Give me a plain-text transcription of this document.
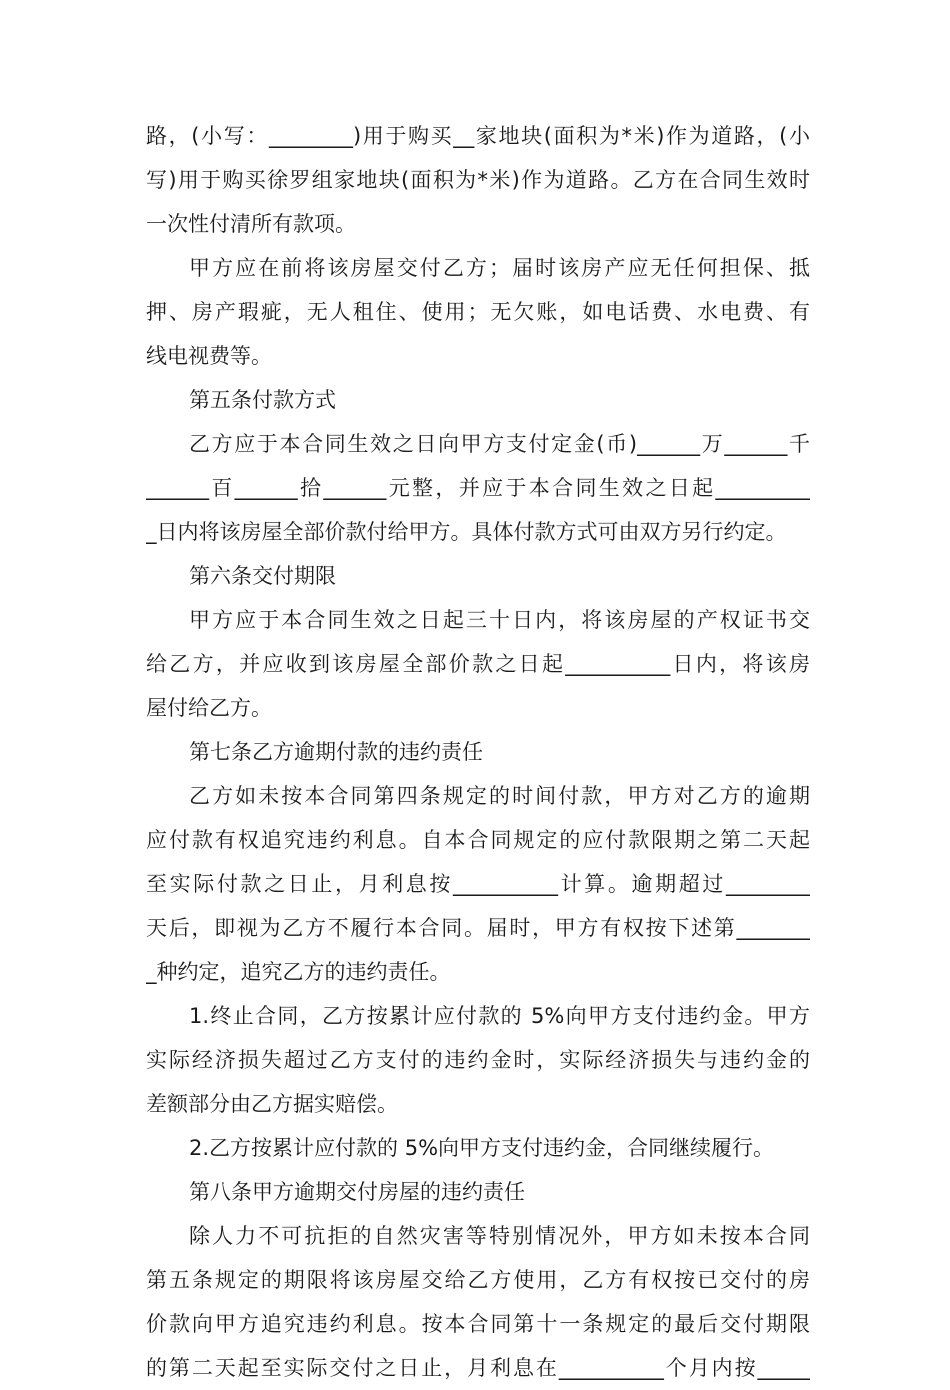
路，(小写：________)用于购买__家地块(面积为*米)作为道路，(小
写)用于购买徐罗组家地块(面积为*米)作为道路。乙方在合同生效时
一次性付清所有款项。
甲方应在前将该房屋交付乙方；届时该房产应无任何担保、抵
押、房产瑕疵，无人租住、使用；无欠账，如电话费、水电费、有
线电视费等。
第五条付款方式
乙方应于本合同生效之日向甲方支付定金(币)______万______千
______百______拾______元整，并应于本合同生效之日起_________
_日内将该房屋全部价款付给甲方。具体付款方式可由双方另行约定。
第六条交付期限
甲方应于本合同生效之日起三十日内，将该房屋的产权证书交
给乙方，并应收到该房屋全部价款之日起__________日内，将该房
屋付给乙方。
第七条乙方逾期付款的违约责任
乙方如未按本合同第四条规定的时间付款，甲方对乙方的逾期
应付款有权追究违约利息。自本合同规定的应付款限期之第二天起
至实际付款之日止，月利息按__________计算。逾期超过________
天后，即视为乙方不履行本合同。届时，甲方有权按下述第_______
_种约定，追究乙方的违约责任。
1.终止合同，乙方按累计应付款的 5%向甲方支付违约金。甲方
实际经济损失超过乙方支付的违约金时，实际经济损失与违约金的
差额部分由乙方据实赔偿。
2.乙方按累计应付款的 5%向甲方支付违约金，合同继续履行。
第八条甲方逾期交付房屋的违约责任
除人力不可抗拒的自然灾害等特别情况外，甲方如未按本合同
第五条规定的期限将该房屋交给乙方使用，乙方有权按已交付的房
价款向甲方追究违约利息。按本合同第十一条规定的最后交付期限
的第二天起至实际交付之日止，月利息在__________个月内按_____
